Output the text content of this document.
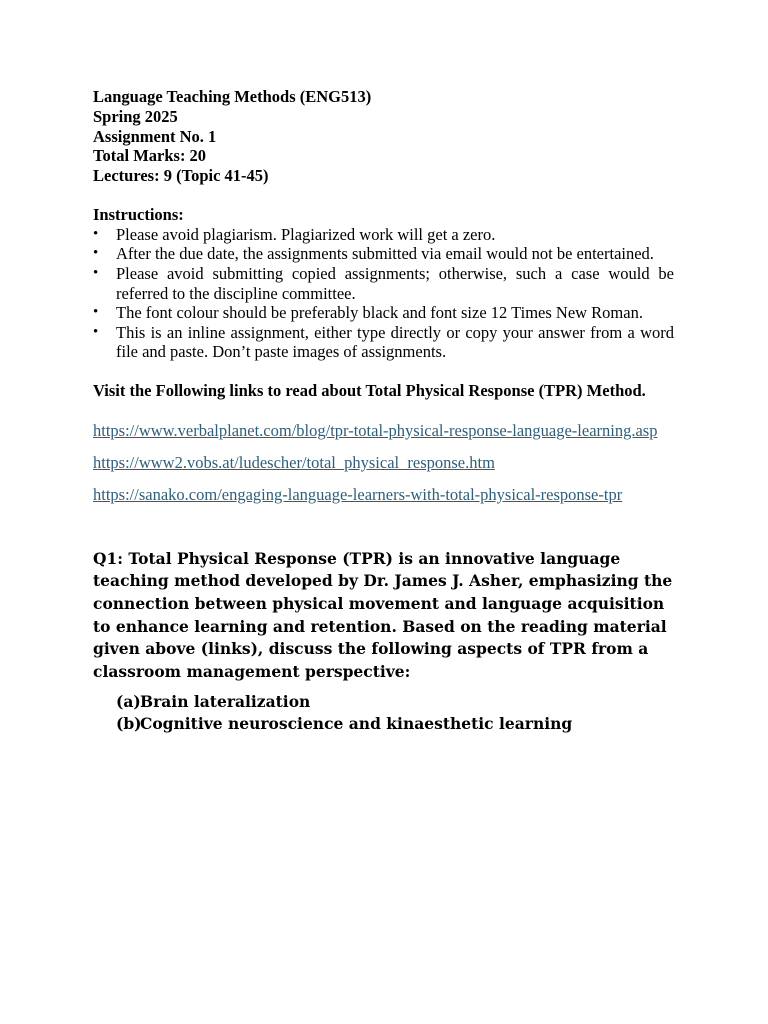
Language Teaching Methods (ENG513)

Spring 2025

Assignment No. 1

Total Marks: 20

Lectures: 9 (Topic 41-45)

Instructions:

• Please avoid plagiarism. Plagiarized work will get a zero.
• After the due date, the assignments submitted via email would not be entertained.
• Please avoid submitting copied assignments; otherwise, such a case would be referred to the discipline committee.
• The font colour should be preferably black and font size 12 Times New Roman.
• This is an inline assignment, either type directly or copy your answer from a word file and paste. Don’t paste images of assignments.

Visit the Following links to read about Total Physical Response (TPR) Method.

https://www.verbalplanet.com/blog/tpr-total-physical-response-language-learning.asp
https://www2.vobs.at/ludescher/total_physical_response.htm
https://sanako.com/engaging-language-learners-with-total-physical-response-tpr

Q1: Total Physical Response (TPR) is an innovative language teaching method developed by Dr. James J. Asher, emphasizing the connection between physical movement and language acquisition to enhance learning and retention. Based on the reading material given above (links), discuss the following aspects of TPR from a classroom management perspective:

(a) Brain lateralization
(b)
Cognitive neuroscience and kinaesthetic learning
